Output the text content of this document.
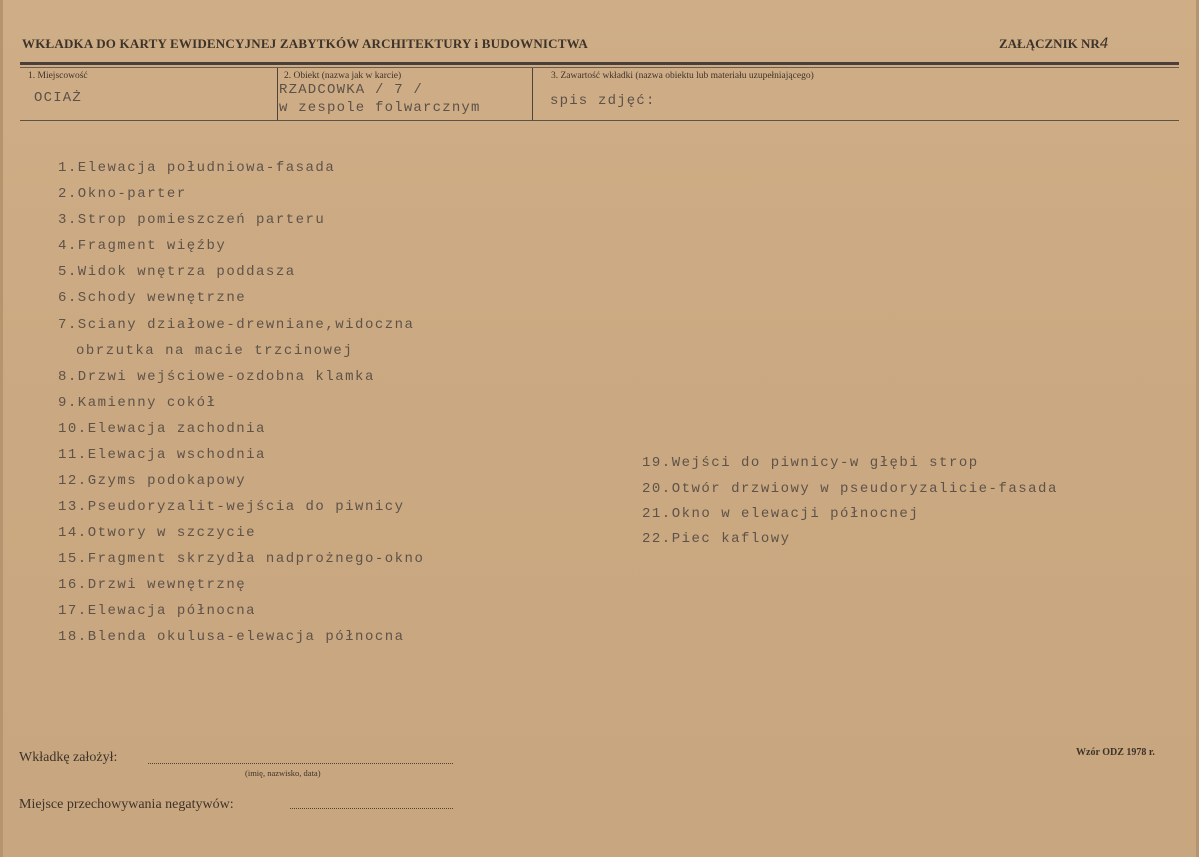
WKŁADKA DO KARTY EWIDENCYJNEJ ZABYTKÓW ARCHITEKTURY i BUDOWNICTWA	ZAŁĄCZNIK NR4
1. Miejscowość
OCIAŻ
2. Obiekt (nazwa jak w karcie)
RZADCOWKA / 7 /
w zespole folwarcznym
3. Zawartość wkładki (nazwa obiektu lub materiału uzupełniającego)
spis zdjęć:
1.Elewacja południowa-fasada
2.Okno-parter
3.Strop pomieszczeń parteru
4.Fragment więźby
5.Widok wnętrza poddasza
6.Schody wewnętrzne
7.Sciany działowe-drewniane,widoczna
obrzutka na macie trzcinowej
8.Drzwi wejściowe-ozdobna klamka
9.Kamienny cokół
10.Elewacja zachodnia
11.Elewacja wschodnia
12.Gzyms podokapowy
13.Pseudoryzalit-wejścia do piwnicy
14.Otwory w szczycie
15.Fragment skrzydła nadprożnego-okno
16.Drzwi wewnętrznę
17.Elewacja północna
18.Blenda okulusa-elewacja północna
19.Wejści do piwnicy-w głębi strop
20.Otwór drzwiowy w pseudoryzalicie-fasada
21.Okno w elewacji północnej
22.Piec kaflowy
Wkładkę założył:
(imię, nazwisko, data)
Miejsce przechowywania negatywów:
Wzór ODZ 1978 r.
